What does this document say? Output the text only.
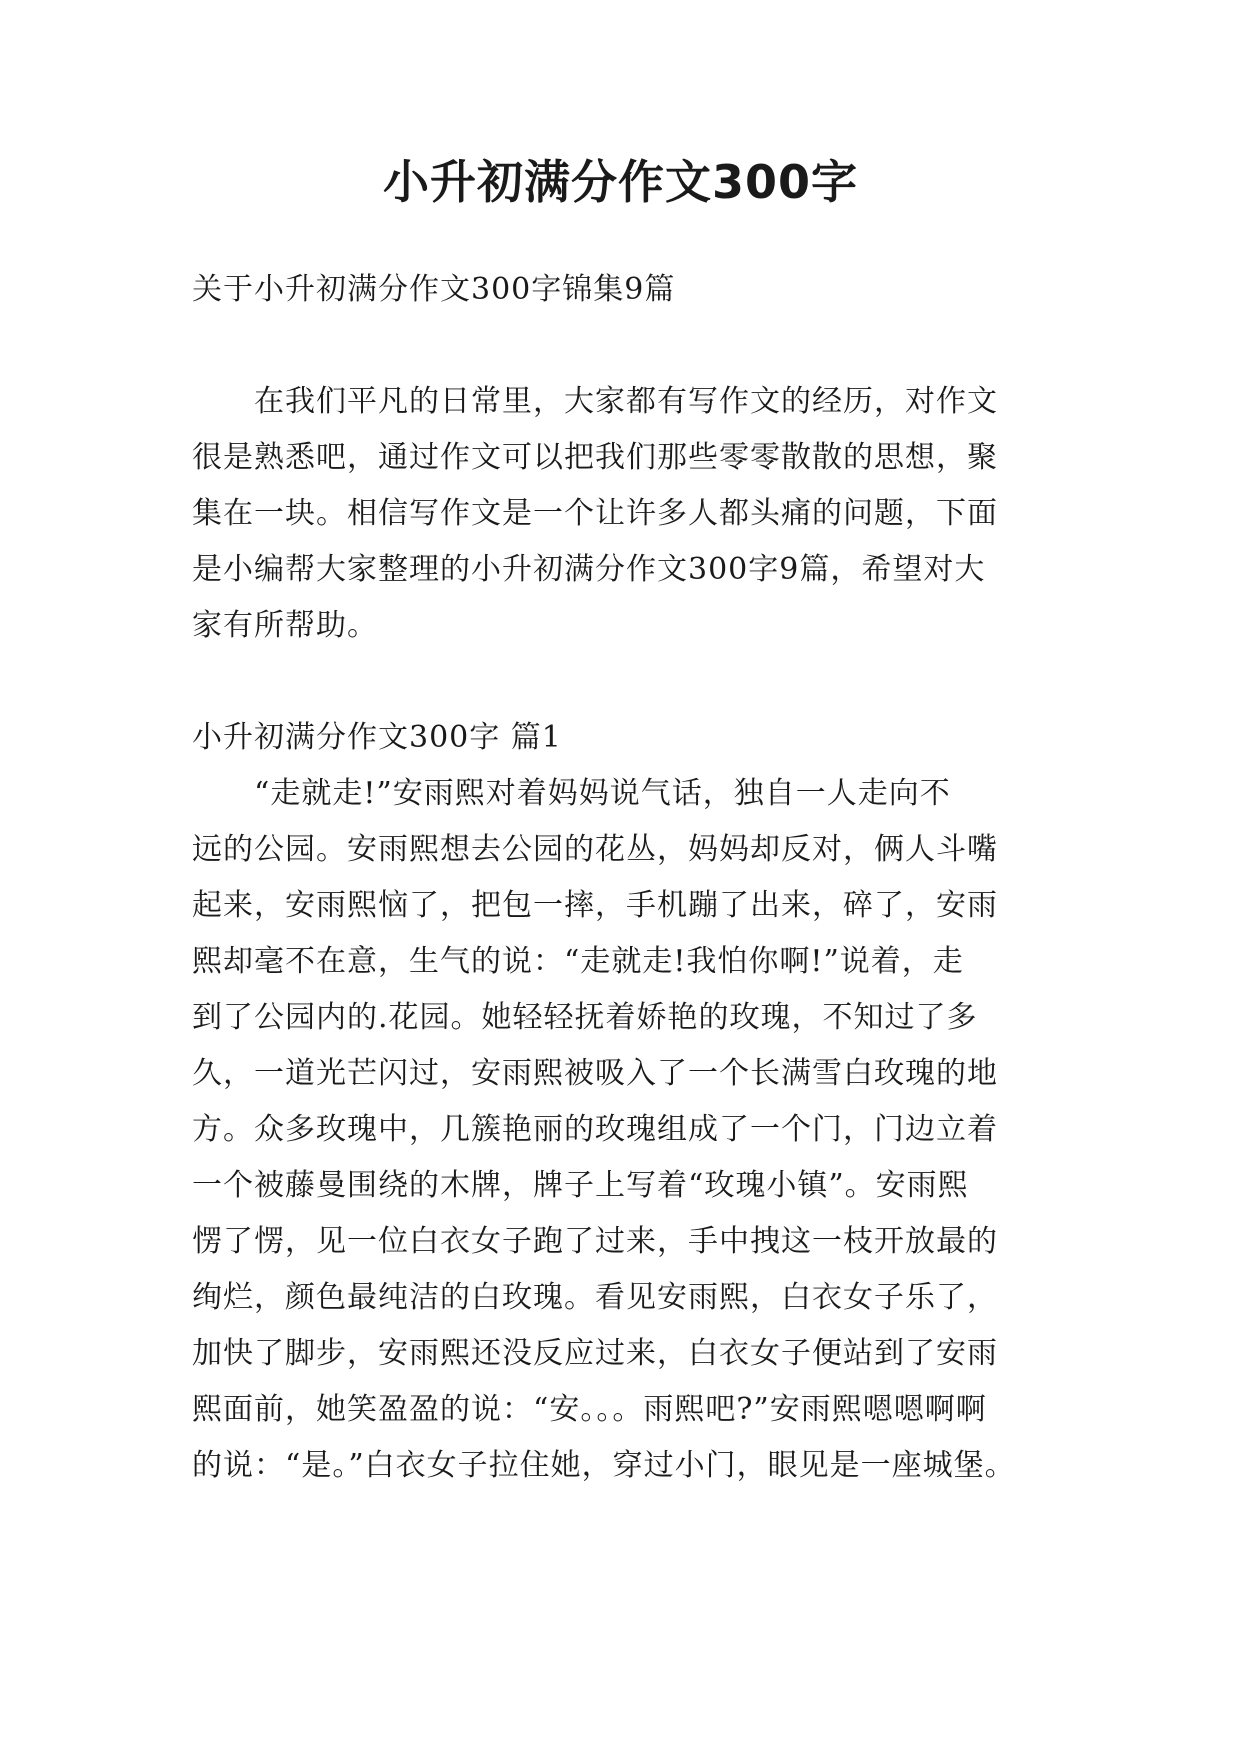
小升初满分作文300字

关于小升初满分作文300字锦集9篇

　　在我们平凡的日常里，大家都有写作文的经历，对作文

很是熟悉吧，通过作文可以把我们那些零零散散的思想，聚

集在一块。相信写作文是一个让许多人都头痛的问题，下面

是小编帮大家整理的小升初满分作文300字9篇，希望对大

家有所帮助。

小升初满分作文300字 篇1

　　“走就走!”安雨熙对着妈妈说气话，独自一人走向不

远的公园。安雨熙想去公园的花丛，妈妈却反对，俩人斗嘴

起来，安雨熙恼了，把包一摔，手机蹦了出来，碎了，安雨

熙却毫不在意，生气的说：“走就走!我怕你啊!”说着，走

到了公园内的.花园。她轻轻抚着娇艳的玫瑰，不知过了多

久，一道光芒闪过，安雨熙被吸入了一个长满雪白玫瑰的地

方。众多玫瑰中，几簇艳丽的玫瑰组成了一个门，门边立着

一个被藤曼围绕的木牌，牌子上写着“玫瑰小镇”。安雨熙

愣了愣，见一位白衣女子跑了过来，手中拽这一枝开放最的

绚烂，颜色最纯洁的白玫瑰。看见安雨熙，白衣女子乐了，

加快了脚步，安雨熙还没反应过来，白衣女子便站到了安雨

熙面前，她笑盈盈的说：“安。。。雨熙吧?”安雨熙嗯嗯啊啊

的说：“是。”白衣女子拉住她，穿过小门，眼见是一座城堡。
